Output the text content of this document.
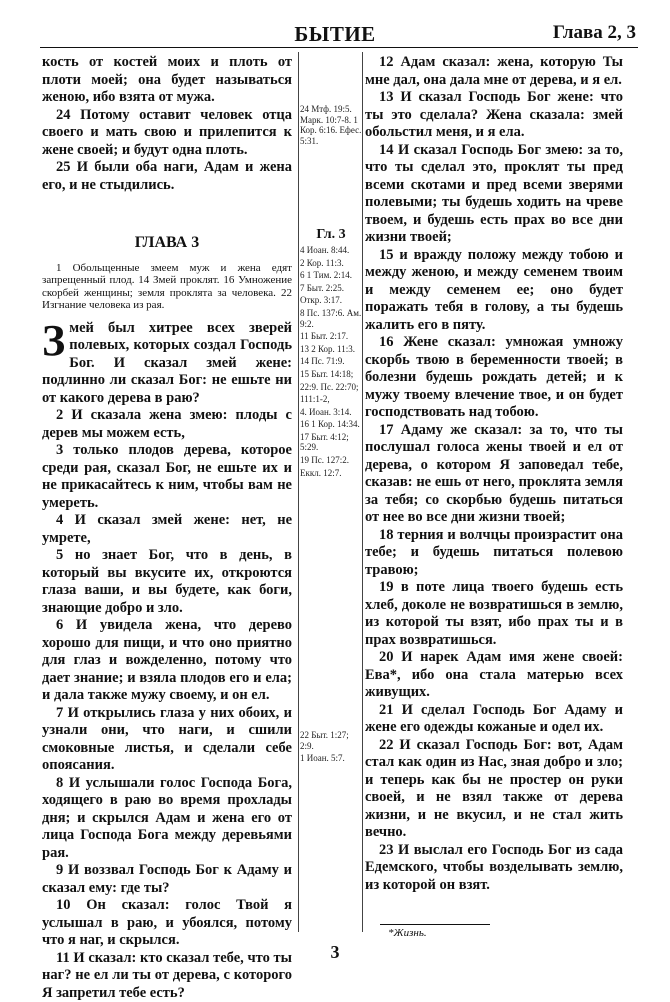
БЫТИЕ	Глава 2, 3

кость от костей моих и плоть от плоти моей; она будет называться женою, ибо взята от мужа.

24 Потому оставит человек отца своего и мать свою и прилепится к жене своей; и будут одна плоть.

25 И были оба наги, Адам и жена его, и не стыдились.

ГЛАВА 3

1 Обольщенные змеем муж и жена едят запрещенный плод. 14 Змей проклят. 16 Умножение скорбей женщины; земля проклята за человека. 22 Изгнание человека из рая.

Змей был хитрее всех зверей полевых, которых создал Господь Бог. И сказал змей жене: подлинно ли сказал Бог: не ешьте ни от какого дерева в раю?

2 И сказала жена змею: плоды с дерев мы можем есть,

3 только плодов дерева, которое среди рая, сказал Бог, не ешьте их и не прикасайтесь к ним, чтобы вам не умереть.

4 И сказал змей жене: нет, не умрете,

5 но знает Бог, что в день, в который вы вкусите их, откроются глаза ваши, и вы будете, как боги, знающие добро и зло.

6 И увидела жена, что дерево хорошо для пищи, и что оно приятно для глаз и вожделенно, потому что дает знание; и взяла плодов его и ела; и дала также мужу своему, и он ел.

7 И открылись глаза у них обоих, и узнали они, что наги, и сшили смоковные листья, и сделали себе опоясания.

8 И услышали голос Господа Бога, ходящего в раю во время прохлады дня; и скрылся Адам и жена его от лица Господа Бога между деревьями рая.

9 И воззвал Господь Бог к Адаму и сказал ему: где ты?

10 Он сказал: голос Твой я услышал в раю, и убоялся, потому что я наг, и скрылся.

11 И сказал: кто сказал тебе, что ты наг? не ел ли ты от дерева, с которого Я запретил тебе есть?

24 Мтф. 19:5. Марк. 10:7-8. 1 Кор. 6:16. Ефес. 5:31.
Гл. 3
4 Иоан. 8:44.
2 Кор. 11:3.
6 1 Тим. 2:14.
7 Быт. 2:25.
Откр. 3:17.
8 Пс. 137:6. Ам. 9:2.
11 Быт. 2:17.
13 2 Кор. 11:3.
14 Пс. 71:9.
15 Быт. 14:18;
22:9. Пс. 22:70;
111:1-2,
4. Иоан. 3:14.
16 1 Кор. 14:34.
17 Быт. 4:12; 5:29.
19 Пс. 127:2.
Еккл. 12:7.
22 Быт. 1:27; 2:9.
1 Иоан. 5:7.

12 Адам сказал: жена, которую Ты мне дал, она дала мне от дерева, и я ел.

13 И сказал Господь Бог жене: что ты это сделала? Жена сказала: змей обольстил меня, и я ела.

14 И сказал Господь Бог змею: за то, что ты сделал это, проклят ты пред всеми скотами и пред всеми зверями полевыми; ты будешь ходить на чреве твоем, и будешь есть прах во все дни жизни твоей;

15 и вражду положу между тобою и между женою, и между семенем твоим и между семенем ее; оно будет поражать тебя в голову, а ты будешь жалить его в пяту.

16 Жене сказал: умножая умножу скорбь твою в беременности твоей; в болезни будешь рождать детей; и к мужу твоему влечение твое, и он будет господствовать над тобою.

17 Адаму же сказал: за то, что ты послушал голоса жены твоей и ел от дерева, о котором Я заповедал тебе, сказав: не ешь от него, проклята земля за тебя; со скорбью будешь питаться от нее во все дни жизни твоей;

18 терния и волчцы произрастит она тебе; и будешь питаться полевою травою;

19 в поте лица твоего будешь есть хлеб, доколе не возвратишься в землю, из которой ты взят, ибо прах ты и в прах возвратишься.

20 И нарек Адам имя жене своей: Ева*, ибо она стала матерью всех живущих.

21 И сделал Господь Бог Адаму и жене его одежды кожаные и одел их.

22 И сказал Господь Бог: вот, Адам стал как один из Нас, зная добро и зло; и теперь как бы не простер он руки своей, и не взял также от дерева жизни, и не вкусил, и не стал жить вечно.

23 И выслал его Господь Бог из сада Едемского, чтобы возделывать землю, из которой он взят.

*Жизнь.
3
